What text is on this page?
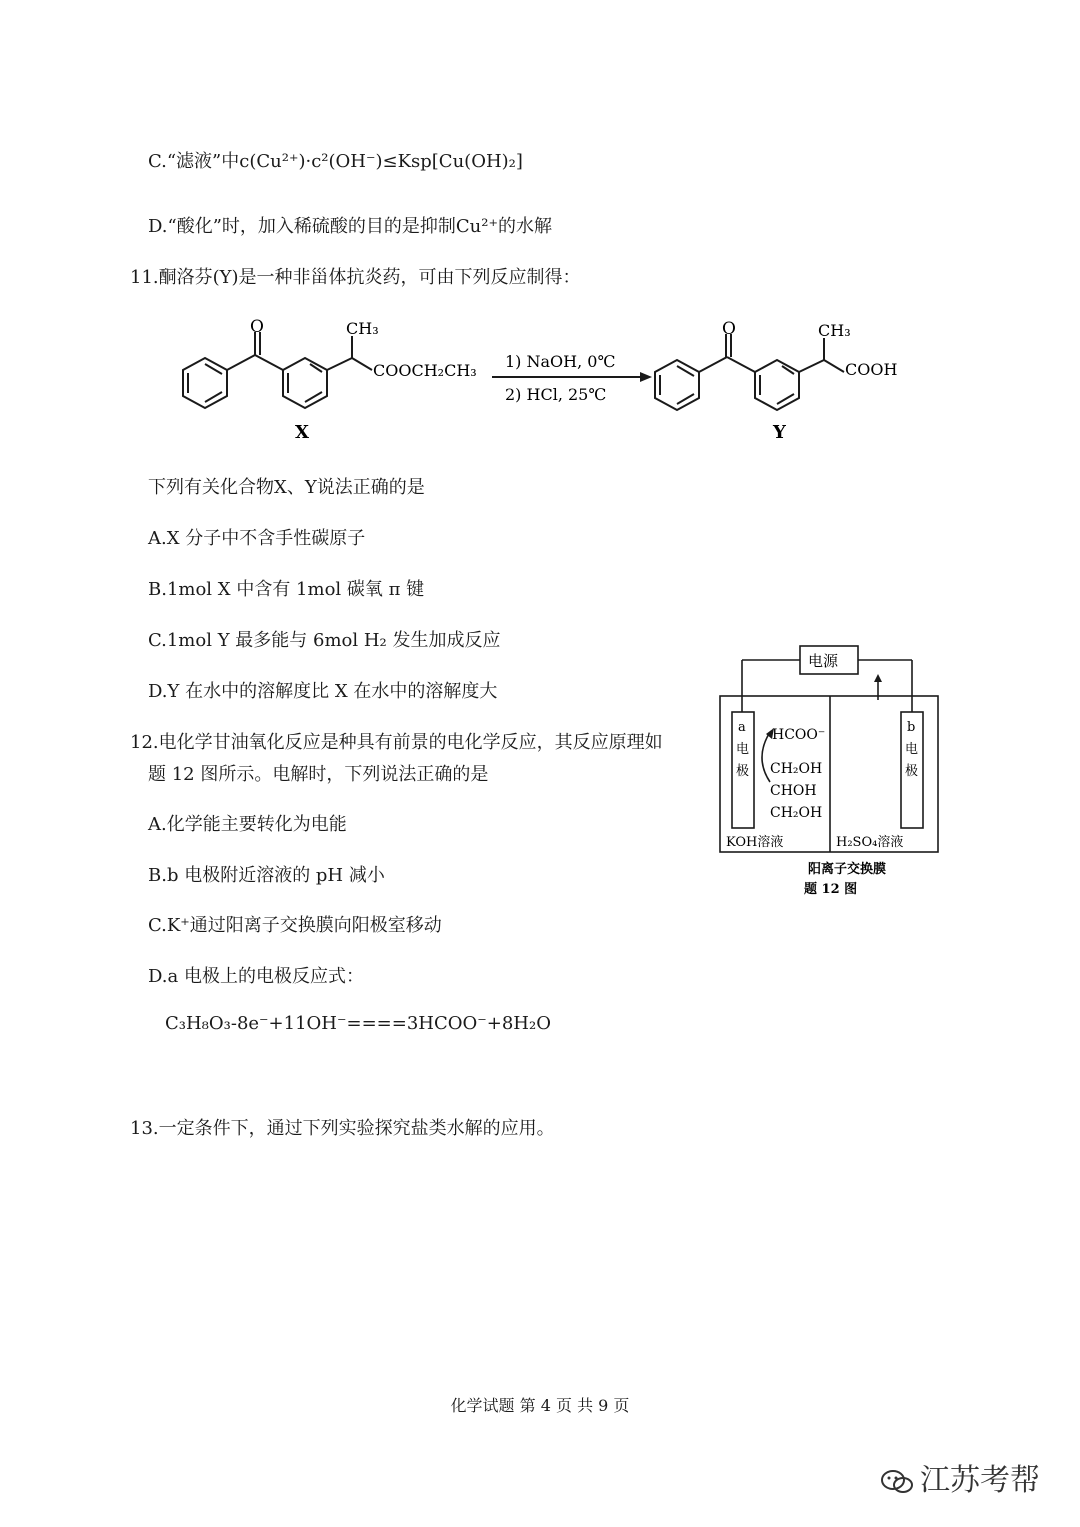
C.“滤液”中c(Cu²⁺)·c²(OH⁻)≤Ksp[Cu(OH)₂]
D.“酸化”时，加入稀硫酸的目的是抑制Cu²⁺的水解
11.酮洛芬(Y)是一种非甾体抗炎药，可由下列反应制得：
O	CH₃
COOCH₂CH₃
X
1) NaOH, 0℃
2) HCl, 25℃
O	CH₃
COOH
Y
下列有关化合物X、Y说法正确的是
A.X 分子中不含手性碳原子
B.1mol X 中含有 1mol 碳氧 π 键
C.1mol Y 最多能与 6mol H₂ 发生加成反应
D.Y 在水中的溶解度比 X 在水中的溶解度大
12.电化学甘油氧化反应是种具有前景的电化学反应，其反应原理如
题 12 图所示。电解时，下列说法正确的是
A.化学能主要转化为电能
B.b 电极附近溶液的 pH 减小
C.K⁺通过阳离子交换膜向阳极室移动
D.a 电极上的电极反应式：
C₃H₈O₃-8e⁻+11OH⁻====3HCOO⁻+8H₂O
电源
a
电
极
b
电
极
HCOO⁻
CH₂OH
CHOH
CH₂OH
KOH溶液	H₂SO₄溶液
阳离子交换膜
题 12 图
13.一定条件下，通过下列实验探究盐类水解的应用。
化学试题 第 4 页 共 9 页
江苏考帮
